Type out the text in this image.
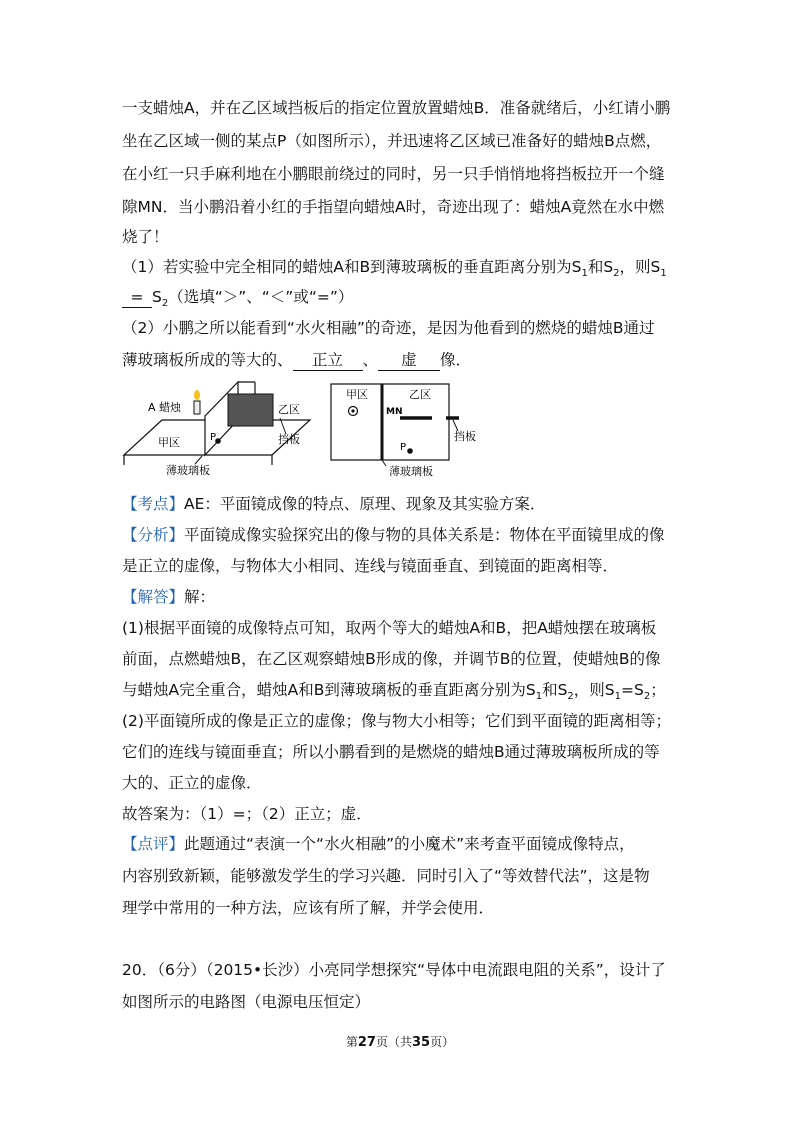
一支蜡烛A，并在乙区域挡板后的指定位置放置蜡烛B．准备就绪后，小红请小鹏
坐在乙区域一侧的某点P（如图所示），并迅速将乙区域已准备好的蜡烛B点燃，
在小红一只手麻利地在小鹏眼前绕过的同时，另一只手悄悄地将挡板拉开一个缝
隙MN．当小鹏沿着小红的手指望向蜡烛A时，奇迹出现了：蜡烛A竟然在水中燃
烧了！
（1）若实验中完全相同的蜡烛A和B到薄玻璃板的垂直距离分别为$S_1$和$S_2$，则$S_1$
= $S_2$（选填“＞”、“＜”或“=”）
（2）小鹏之所以能看到“水火相融”的奇迹，是因为他看到的燃烧的蜡烛B通过
薄玻璃板所成的等大的、 正立 、 虚 像．
A 蜡烛
甲区
乙区
P	挡板
薄玻璃板
甲区	乙区
M N
P
挡板
薄玻璃板
【考点】AE：平面镜成像的特点、原理、现象及其实验方案．
【分析】平面镜成像实验探究出的像与物的具体关系是：物体在平面镜里成的像
是正立的虚像，与物体大小相同、连线与镜面垂直、到镜面的距离相等．
【解答】解：
(1)根据平面镜的成像特点可知，取两个等大的蜡烛A和B，把A蜡烛摆在玻璃板
前面，点燃蜡烛B，在乙区观察蜡烛B形成的像，并调节B的位置，使蜡烛B的像
与蜡烛A完全重合，蜡烛A和B到薄玻璃板的垂直距离分别为$S_1$和$S_2$，则$S_1=S_2$；
(2)平面镜所成的像是正立的虚像；像与物大小相等；它们到平面镜的距离相等；
它们的连线与镜面垂直；所以小鹏看到的是燃烧的蜡烛B通过薄玻璃板所成的等
大的、正立的虚像．
故答案为：（1）=；（2）正立；虚．
【点评】此题通过“表演一个“水火相融”的小魔术”来考查平面镜成像特点，
内容别致新颖，能够激发学生的学习兴趣．同时引入了“等效替代法”，这是物
理学中常用的一种方法，应该有所了解，并学会使用．
20．（6分）（2015•长沙）小亮同学想探究“导体中电流跟电阻的关系”，设计了
如图所示的电路图（电源电压恒定）
第27页（共35页）
